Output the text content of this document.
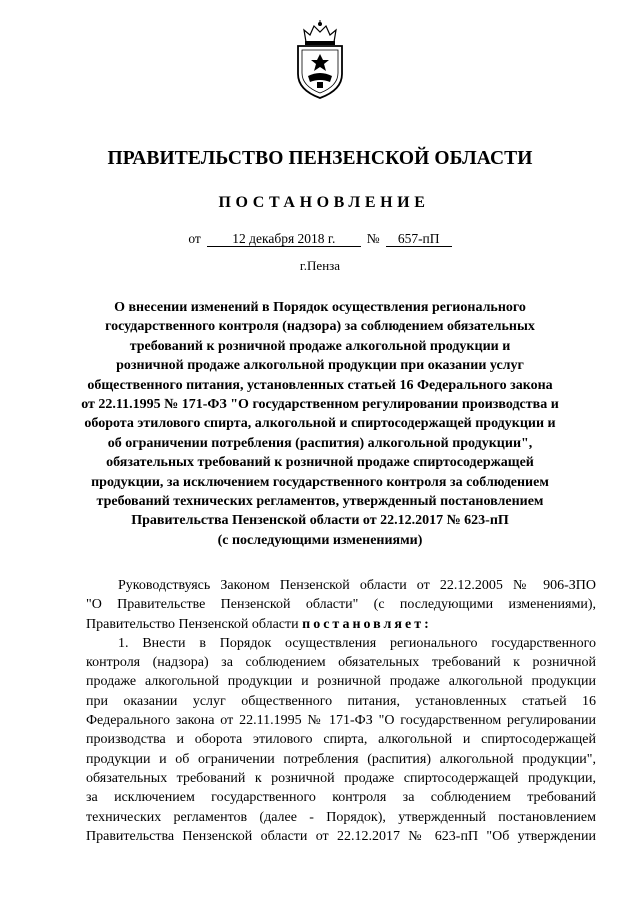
ПРАВИТЕЛЬСТВО ПЕНЗЕНСКОЙ ОБЛАСТИ
ПОСТАНОВЛЕНИЕ
от 12 декабря 2018 г. № 657-пП
г.Пенза
О внесении изменений в Порядок осуществления регионального
государственного контроля (надзора) за соблюдением обязательных
требований к розничной продаже алкогольной продукции и
розничной продаже алкогольной продукции при оказании услуг
общественного питания, установленных статьей 16 Федерального закона
от 22.11.1995 № 171-ФЗ "О государственном регулировании производства и
оборота этилового спирта, алкогольной и спиртосодержащей продукции и
об ограничении потребления (распития) алкогольной продукции",
обязательных требований к розничной продаже спиртосодержащей
продукции, за исключением государственного контроля за соблюдением
требований технических регламентов, утвержденный постановлением
Правительства Пензенской области от 22.12.2017 № 623-пП
(с последующими изменениями)
Руководствуясь Законом Пензенской области от 22.12.2005 № 906-ЗПО
"О Правительстве Пензенской области" (с последующими изменениями),
Правительство Пензенской области постановляет:
1. Внести в Порядок осуществления регионального государственного
контроля (надзора) за соблюдением обязательных требований к розничной
продаже алкогольной продукции и розничной продаже алкогольной продукции
при оказании услуг общественного питания, установленных статьей 16
Федерального закона от 22.11.1995 № 171-ФЗ "О государственном регулировании
производства и оборота этилового спирта, алкогольной и спиртосодержащей
продукции и об ограничении потребления (распития) алкогольной продукции",
обязательных требований к розничной продаже спиртосодержащей продукции,
за исключением государственного контроля за соблюдением требований
технических регламентов (далее - Порядок), утвержденный постановлением
Правительства Пензенской области от 22.12.2017 № 623-пП "Об утверждении
